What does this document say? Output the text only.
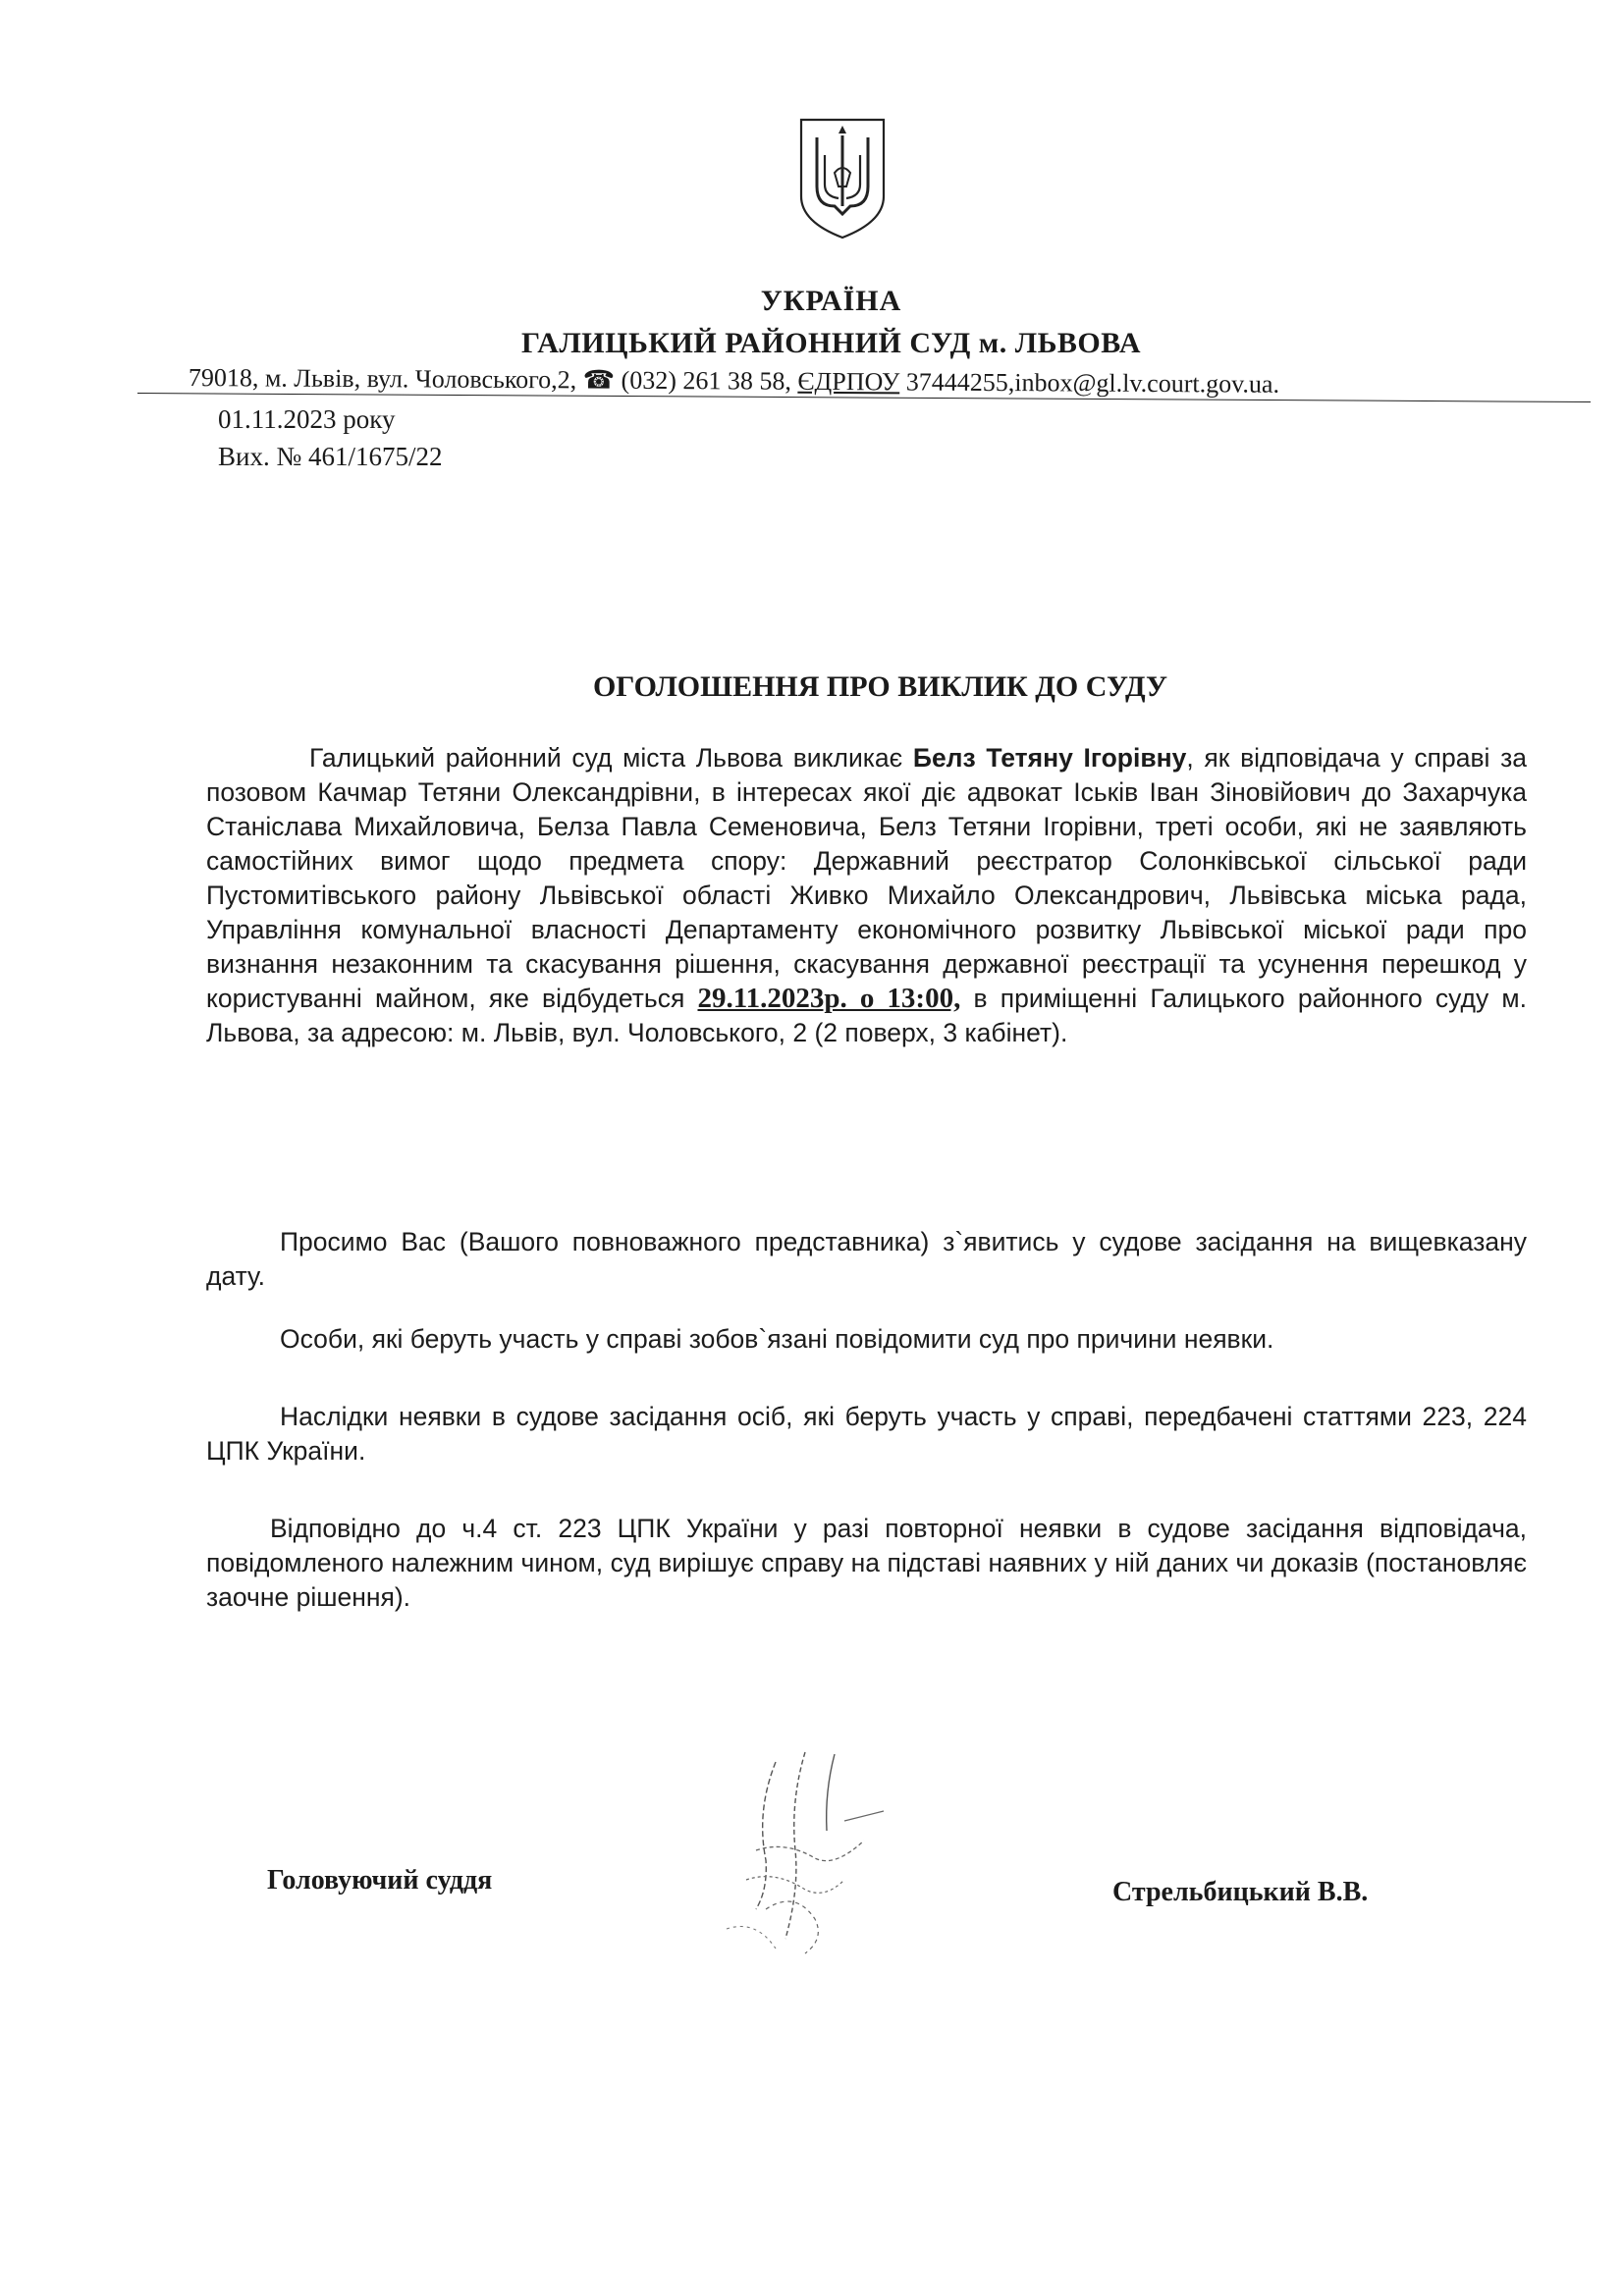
УКРАЇНА
ГАЛИЦЬКИЙ РАЙОННИЙ СУД м. ЛЬВОВА
79018, м. Львів, вул. Чоловського,2, ☎ (032) 261 38 58, ЄДРПОУ 37444255,inbox@gl.lv.court.gov.ua.
01.11.2023 року
Вих. № 461/1675/22
ОГОЛОШЕННЯ ПРО ВИКЛИК ДО СУДУ
Галицький районний суд міста Львова викликає Белз Тетяну Ігорівну, як відповідача у справі за позовом Качмар Тетяни Олександрівни, в інтересах якої діє адвокат Іськів Іван Зіновійович до Захарчука Станіслава Михайловича, Белза Павла Семеновича, Белз Тетяни Ігорівни, треті особи, які не заявляють самостійних вимог щодо предмета спору: Державний реєстратор Солонківської сільської ради Пустомитівського району Львівської області Живко Михайло Олександрович, Львівська міська рада, Управління комунальної власності Департаменту економічного розвитку Львівської міської ради про визнання незаконним та скасування рішення, скасування державної реєстрації та усунення перешкод у користуванні майном, яке відбудеться 29.11.2023р. о 13:00, в приміщенні Галицького районного суду м. Львова, за адресою: м. Львів, вул. Чоловського, 2 (2 поверх, 3 кабінет).
Просимо Вас (Вашого повноважного представника) з`явитись у судове засідання на вищевказану дату.
Особи, які беруть участь у справі зобов`язані повідомити суд про причини неявки.
Наслідки неявки в судове засідання осіб, які беруть участь у справі, передбачені статтями 223, 224 ЦПК України.
Відповідно до ч.4 ст. 223 ЦПК України у разі повторної неявки в судове засідання відповідача, повідомленого належним чином, суд вирішує справу на підставі наявних у ній даних чи доказів (постановляє заочне рішення).
Головуючий суддя	Стрельбицький В.В.
